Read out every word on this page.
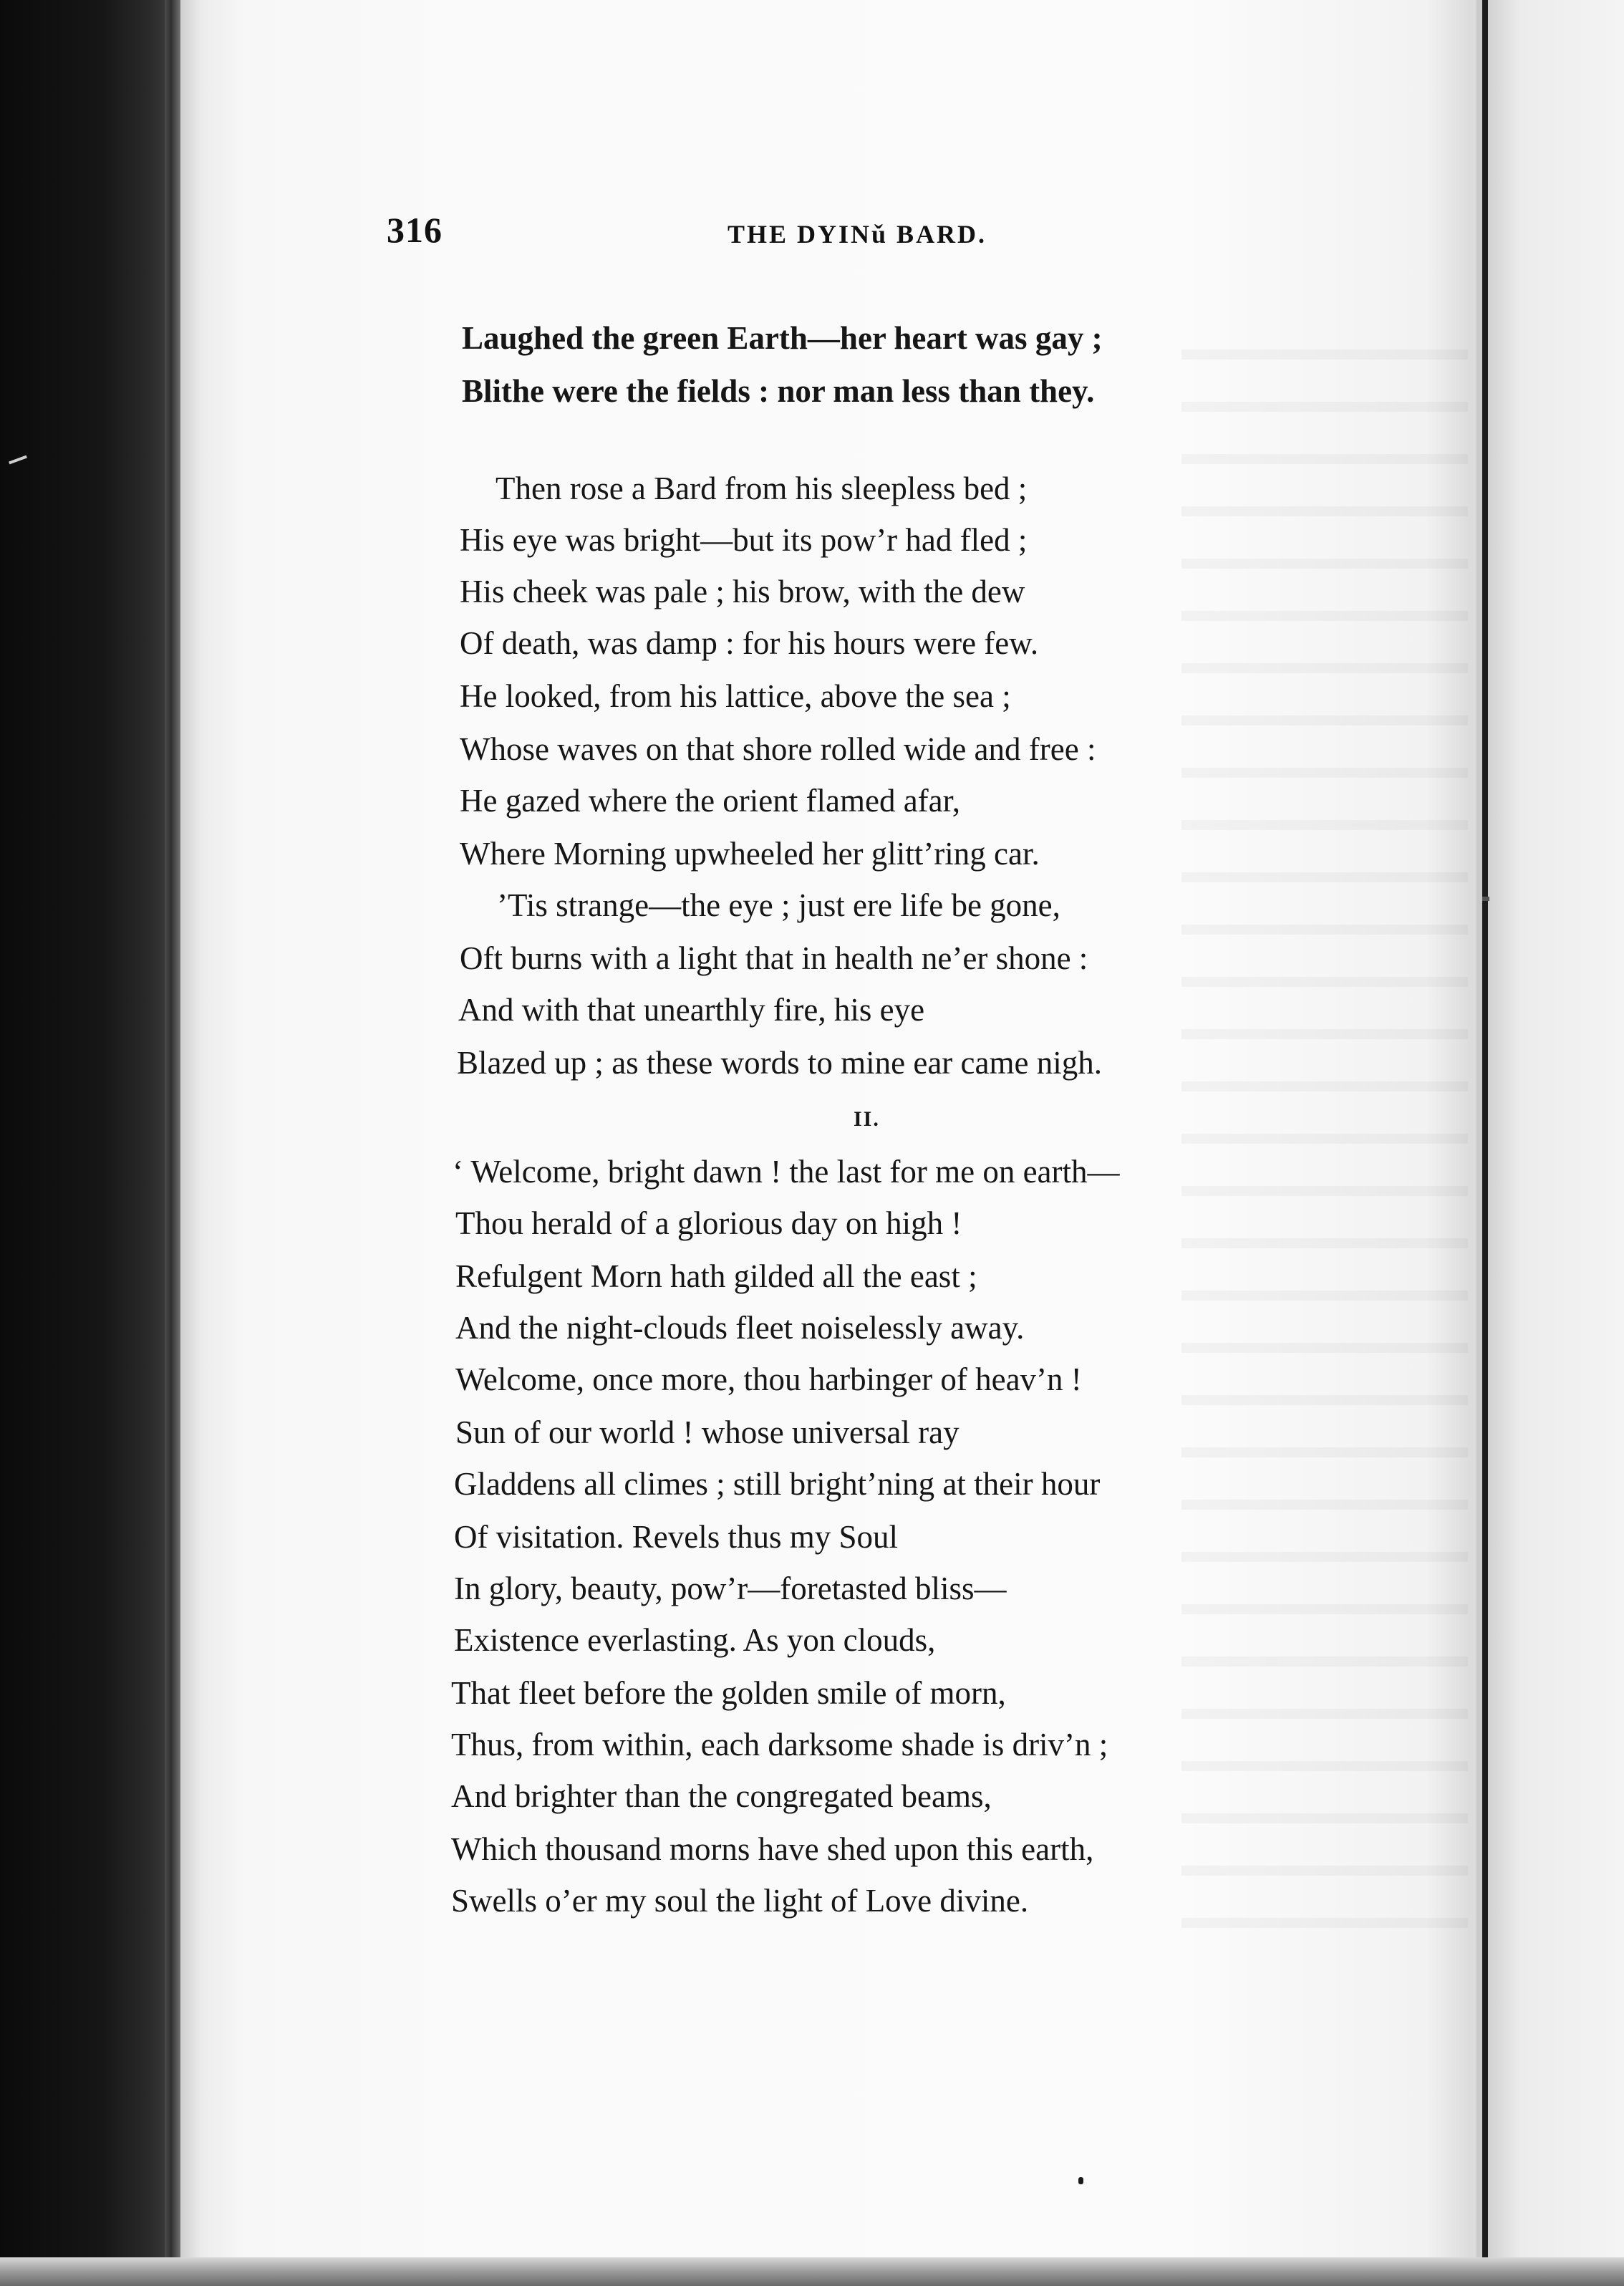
316	THE DYINǔ BARD.
Laughed the green Earth—her heart was gay ;
Blithe were the fields : nor man less than they.
Then rose a Bard from his sleepless bed ;
His eye was bright—but its pow’r had fled ;
His cheek was pale ; his brow, with the dew
Of death, was damp : for his hours were few.
He looked, from his lattice, above the sea ;
Whose waves on that shore rolled wide and free :
He gazed where the orient flamed afar,
Where Morning upwheeled her glitt’ring car.
’Tis strange—the eye ; just ere life be gone,
Oft burns with a light that in health ne’er shone :
And with that unearthly fire, his eye
Blazed up ; as these words to mine ear came nigh.
II.
‘ Welcome, bright dawn ! the last for me on earth—
Thou herald of a glorious day on high !
Refulgent Morn hath gilded all the east ;
And the night-clouds fleet noiselessly away.
Welcome, once more, thou harbinger of heav’n !
Sun of our world ! whose universal ray
Gladdens all climes ; still bright’ning at their hour
Of visitation. Revels thus my Soul
In glory, beauty, pow’r—foretasted bliss—
Existence everlasting. As yon clouds,
That fleet before the golden smile of morn,
Thus, from within, each darksome shade is driv’n ;
And brighter than the congregated beams,
Which thousand morns have shed upon this earth,
Swells o’er my soul the light of Love divine.
